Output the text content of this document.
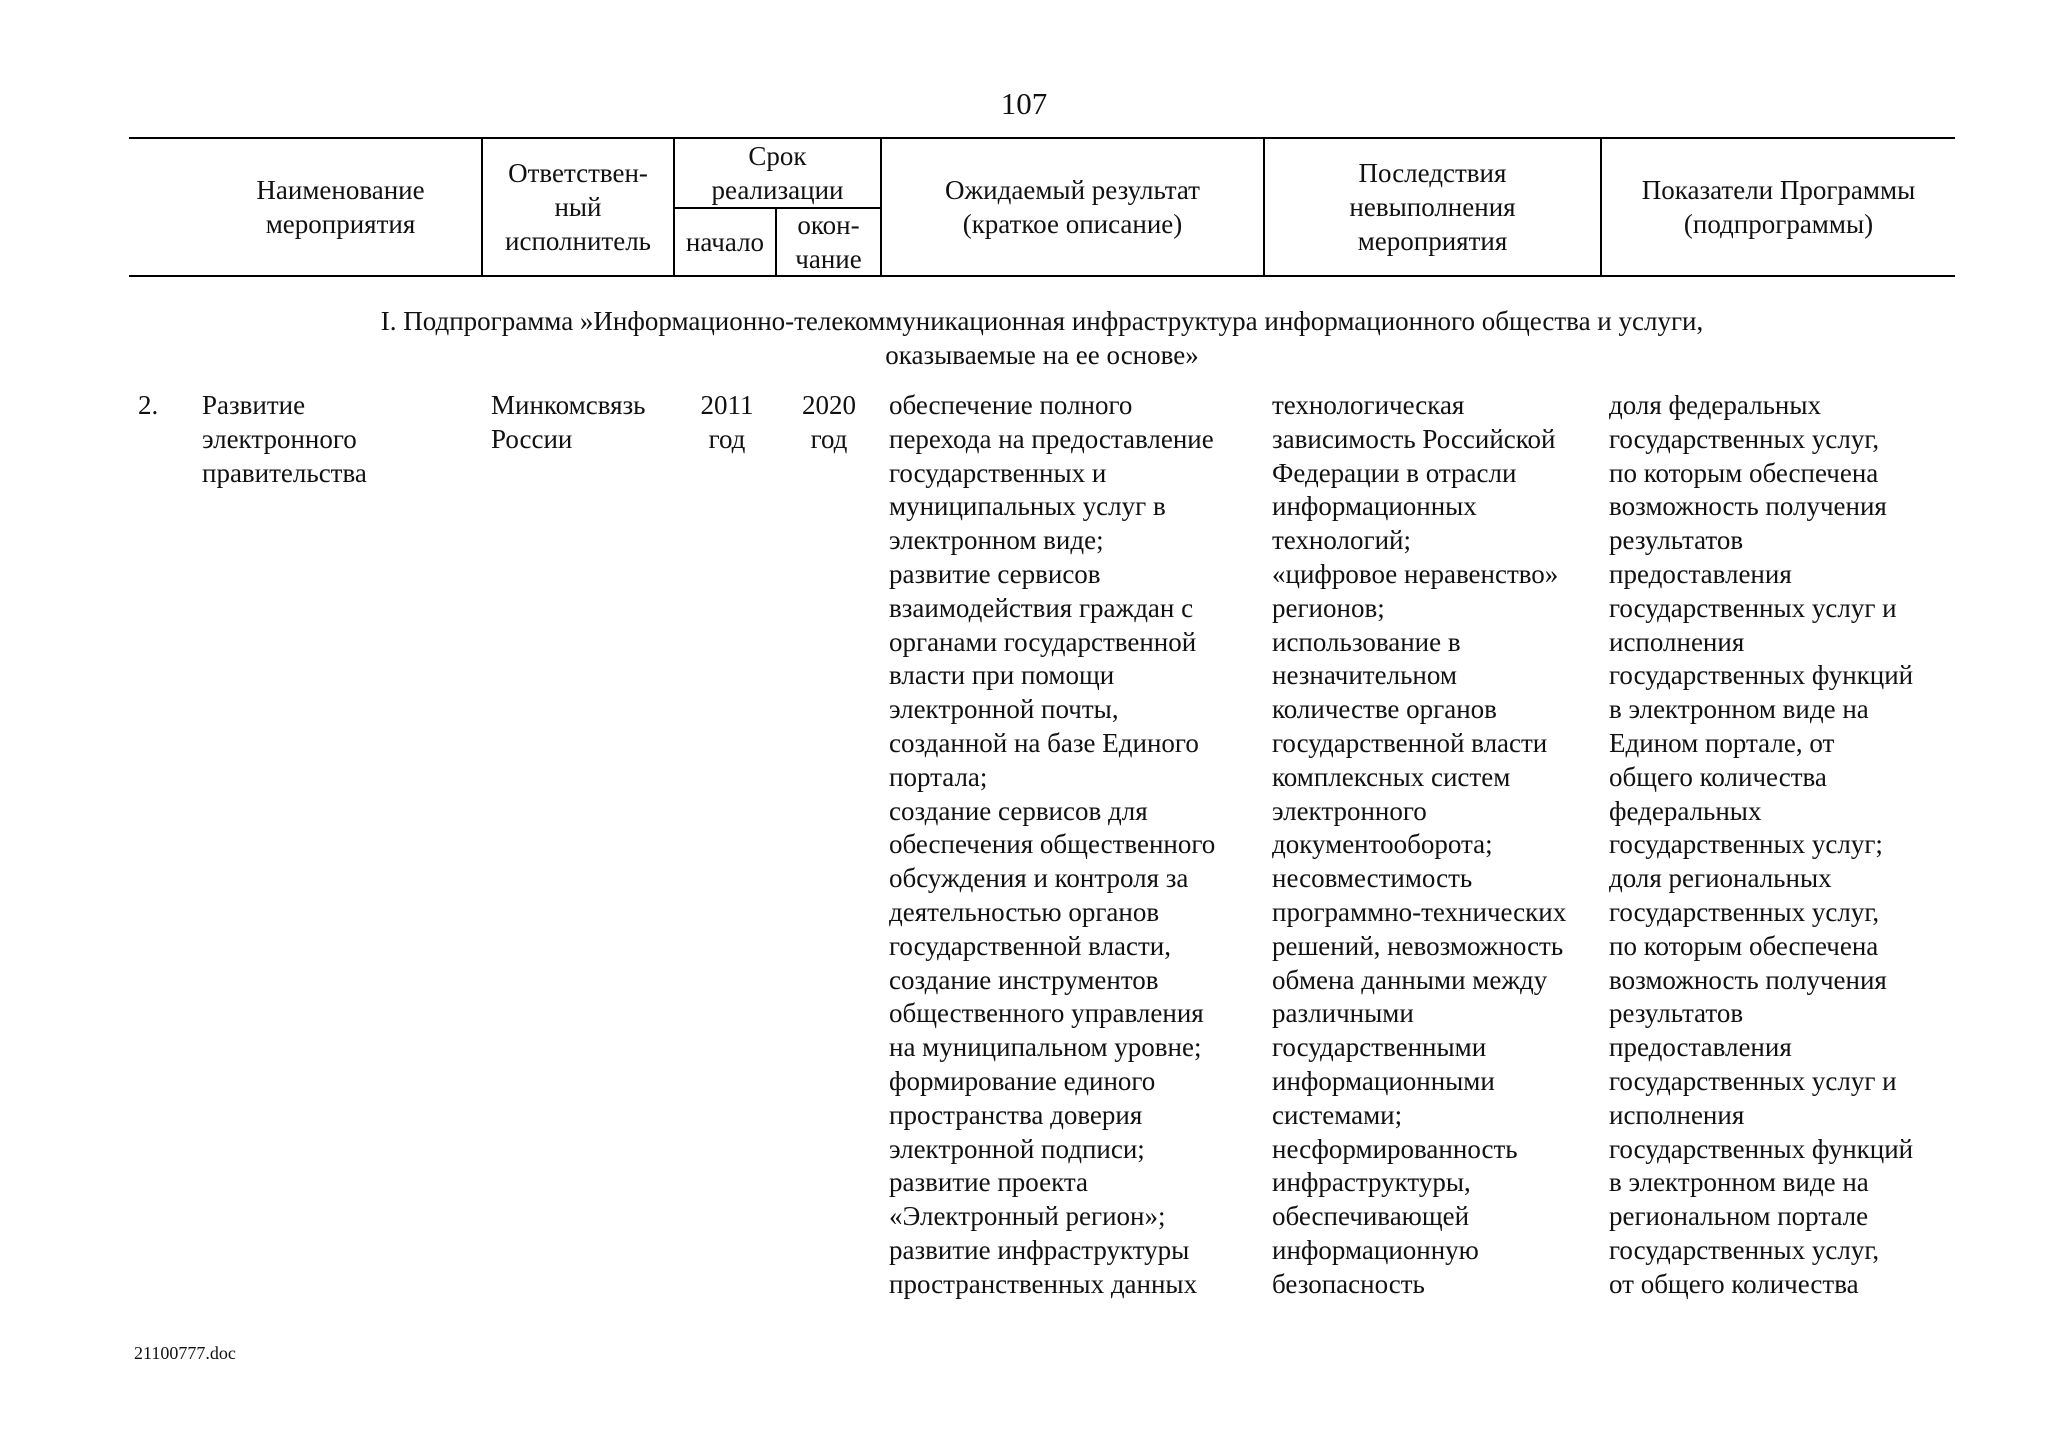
107
Наименование мероприятия
Ответствен-
ный
исполнитель
Срок
реализации
начало
окон-
чание
Ожидаемый результат
(краткое описание)
Последствия
невыполнения
мероприятия
Показатели Программы
(подпрограммы)
I. Подпрограмма »Информационно-телекоммуникационная инфраструктура информационного общества и услуги,
оказываемые на ее основе»
2. Развитие
электронного
правительства
Минкомсвязь
России
2011
год
2020
год
обеспечение полного
перехода на предоставление
государственных и
муниципальных услуг в
электронном виде;
развитие сервисов
взаимодействия граждан с
органами государственной
власти при помощи
электронной почты,
созданной на базе Единого
портала;
создание сервисов для
обеспечения общественного
обсуждения и контроля за
деятельностью органов
государственной власти,
создание инструментов
общественного управления
на муниципальном уровне;
формирование единого
пространства доверия
электронной подписи;
развитие проекта
«Электронный регион»;
развитие инфраструктуры
пространственных данных
технологическая
зависимость Российской
Федерации в отрасли
информационных
технологий;
«цифровое неравенство»
регионов;
использование в
незначительном
количестве органов
государственной власти
комплексных систем
электронного
документооборота;
несовместимость
программно-технических
решений, невозможность
обмена данными между
различными
государственными
информационными
системами;
несформированность
инфраструктуры,
обеспечивающей
информационную
безопасность
доля федеральных
государственных услуг,
по которым обеспечена
возможность получения
результатов
предоставления
государственных услуг и
исполнения
государственных функций
в электронном виде на
Едином портале, от
общего количества
федеральных
государственных услуг;
доля региональных
государственных услуг,
по которым обеспечена
возможность получения
результатов
предоставления
государственных услуг и
исполнения
государственных функций
в электронном виде на
региональном портале
государственных услуг,
от общего количества
21100777.doc
